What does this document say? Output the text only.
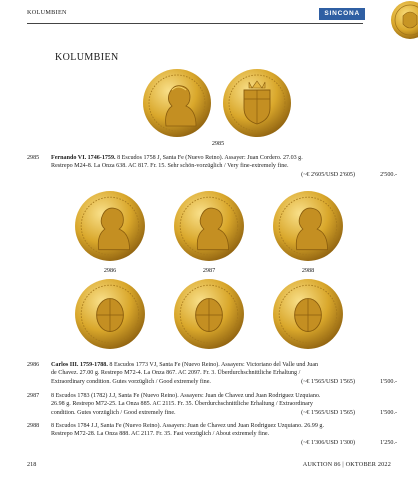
KOLUMBIEN	SINCONA
KOLUMBIEN
2985
2985	Fernando VI. 1746-1759. 8 Escudos 1758 J, Santa Fe (Nuevo Reino). Assayer: Juan Cordero. 27.03 g.
Restrepo M24-8. La Onza 638. AC 817. Fr. 15. Sehr schön-vorzüglich / Very fine-extremely fine.
(~€ 2'605/USD 2'605)	2'500.-
2986	2987	2988
2986	Carlos III. 1759-1788. 8 Escudos 1773 VJ, Santa Fe (Nuevo Reino). Assayers: Victoriano del Valle und Juan
de Chavez. 27.00 g. Restrepo M72-4. La Onza 867. AC 2097. Fr. 3. Überdurchschnittliche Erhaltung /
Extraordinary condition. Gutes vorzüglich / Good extremely fine.	(~€ 1'565/USD 1'565)	1'500.-
2987	8 Escudos 1783 (1782) J.J, Santa Fe (Nuevo Reino). Assayers: Juan de Chavez und Juan Rodriguez Uzquiano.
26.98 g. Restrepo M72-25. La Onza 885. AC 2115. Fr. 35. Überdurchschnittliche Erhaltung / Extraordinary
condition. Gutes vorzüglich / Good extremely fine.	(~€ 1'565/USD 1'565)	1'500.-
2988	8 Escudos 1784 J.J, Santa Fe (Nuevo Reino). Assayers: Juan de Chavez und Juan Rodriguez Uzquiano. 26.99 g.
Restrepo M72-28. La Onza 888. AC 2117. Fr. 35. Fast vorzüglich / About extremely fine.
(~€ 1'306/USD 1'300)	1'250.-
218	AUKTION 86 | OKTOBER 2022
